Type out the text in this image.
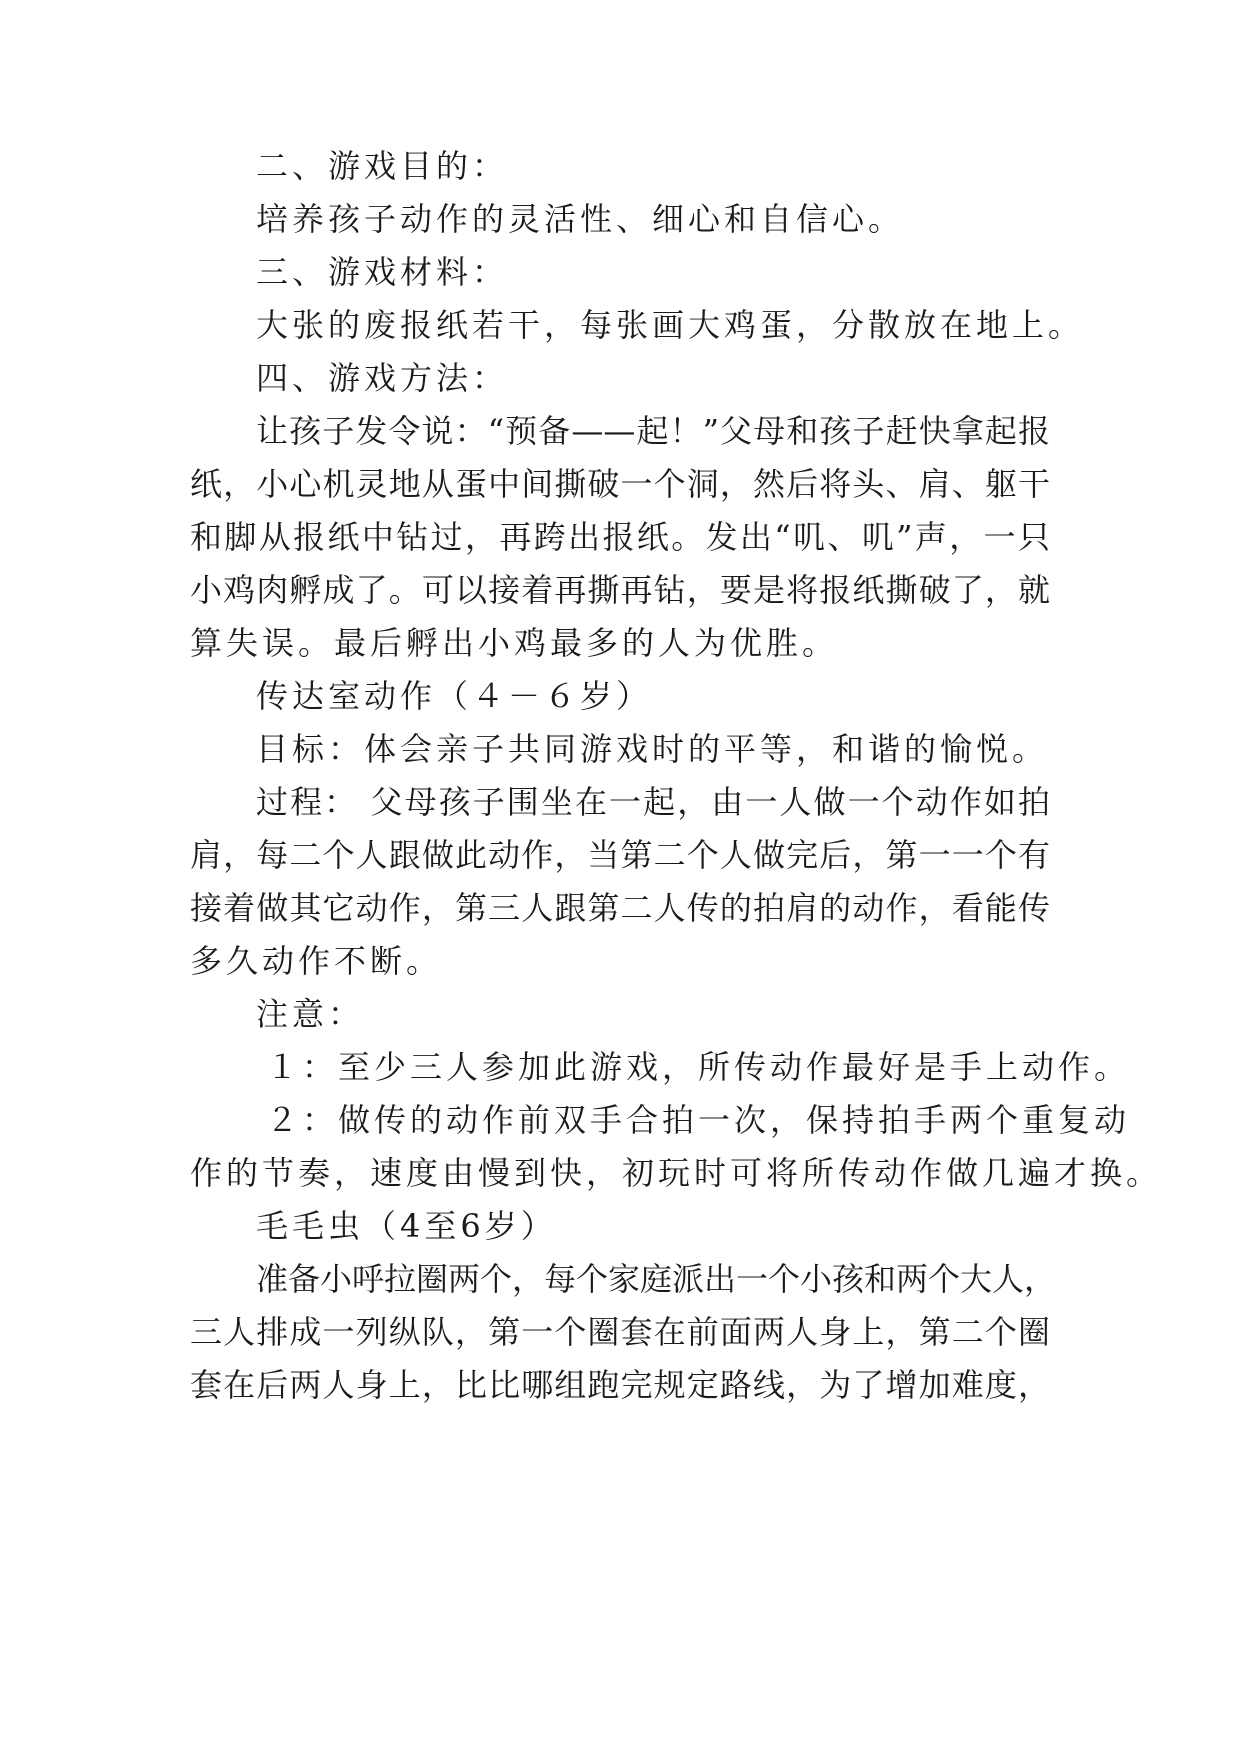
二、游戏目的：
培养孩子动作的灵活性、细心和自信心。
三、游戏材料：
大张的废报纸若干，每张画大鸡蛋，分散放在地上。
四、游戏方法：
让孩子发令说：“预备——起！”父母和孩子赶快拿起报
纸，小心机灵地从蛋中间撕破一个洞，然后将头、肩、躯干
和脚从报纸中钻过，再跨出报纸。发出“叽、叽”声，一只
小鸡肉孵成了。可以接着再撕再钻，要是将报纸撕破了，就
算失误。最后孵出小鸡最多的人为优胜。
传达室动作（４－６岁）
目标：体会亲子共同游戏时的平等，和谐的愉悦。
过程： 父母孩子围坐在一起，由一人做一个动作如拍
肩，每二个人跟做此动作，当第二个人做完后，第一一个有
接着做其它动作，第三人跟第二人传的拍肩的动作，看能传
多久动作不断。
注意：
１：至少三人参加此游戏，所传动作最好是手上动作。
２：做传的动作前双手合拍一次，保持拍手两个重复动
作的节奏，速度由慢到快，初玩时可将所传动作做几遍才换。
毛毛虫（4至6岁）
准备小呼拉圈两个，每个家庭派出一个小孩和两个大人，
三人排成一列纵队，第一个圈套在前面两人身上，第二个圈
套在后两人身上，比比哪组跑完规定路线，为了增加难度，
